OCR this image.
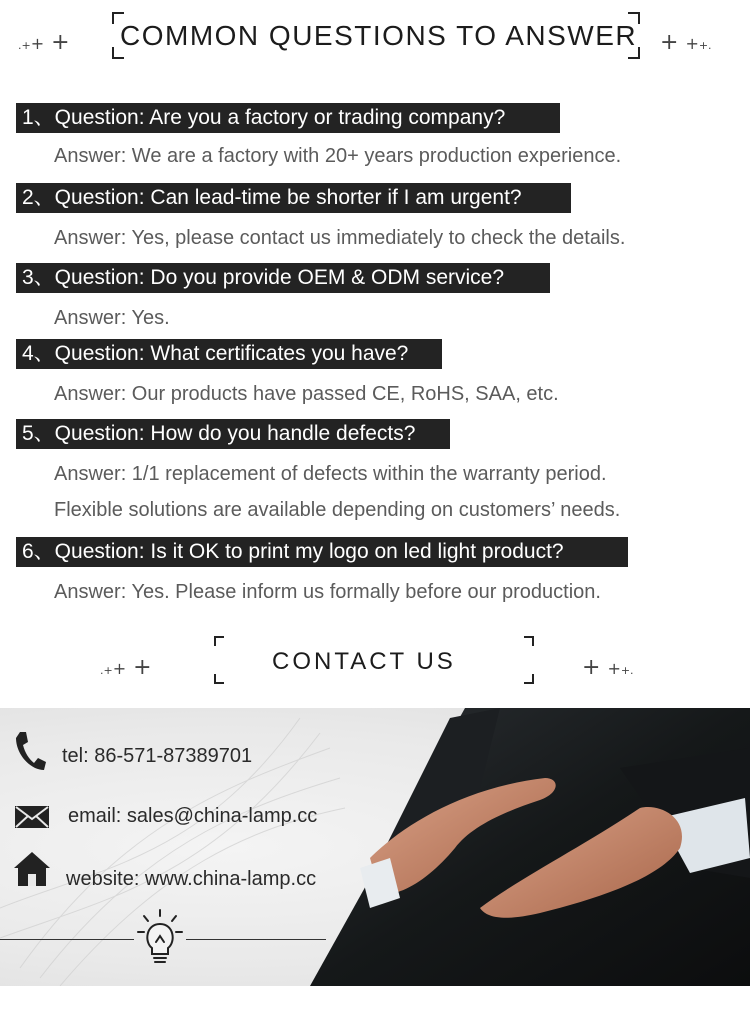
.++ + COMMON QUESTIONS TO ANSWER + ++.
1、Question: Are you a factory or trading company?
Answer: We are a factory with 20+ years production experience.
2、Question: Can lead-time be shorter if I am urgent?
Answer: Yes, please contact us immediately to check the details.
3、Question: Do you provide OEM & ODM service?
Answer: Yes.
4、Question: What certificates you have?
Answer: Our products have passed CE, RoHS, SAA, etc.
5、Question: How do you handle defects?
Answer: 1/1 replacement of defects within the warranty period.
Flexible solutions are available depending on customers’ needs.
6、Question: Is it OK to print my logo on led light product?
Answer: Yes. Please inform us formally before our production.
.++ +	CONTACT US	+ ++.
tel: 86-571-87389701
email: sales@china-lamp.cc
website: www.china-lamp.cc
